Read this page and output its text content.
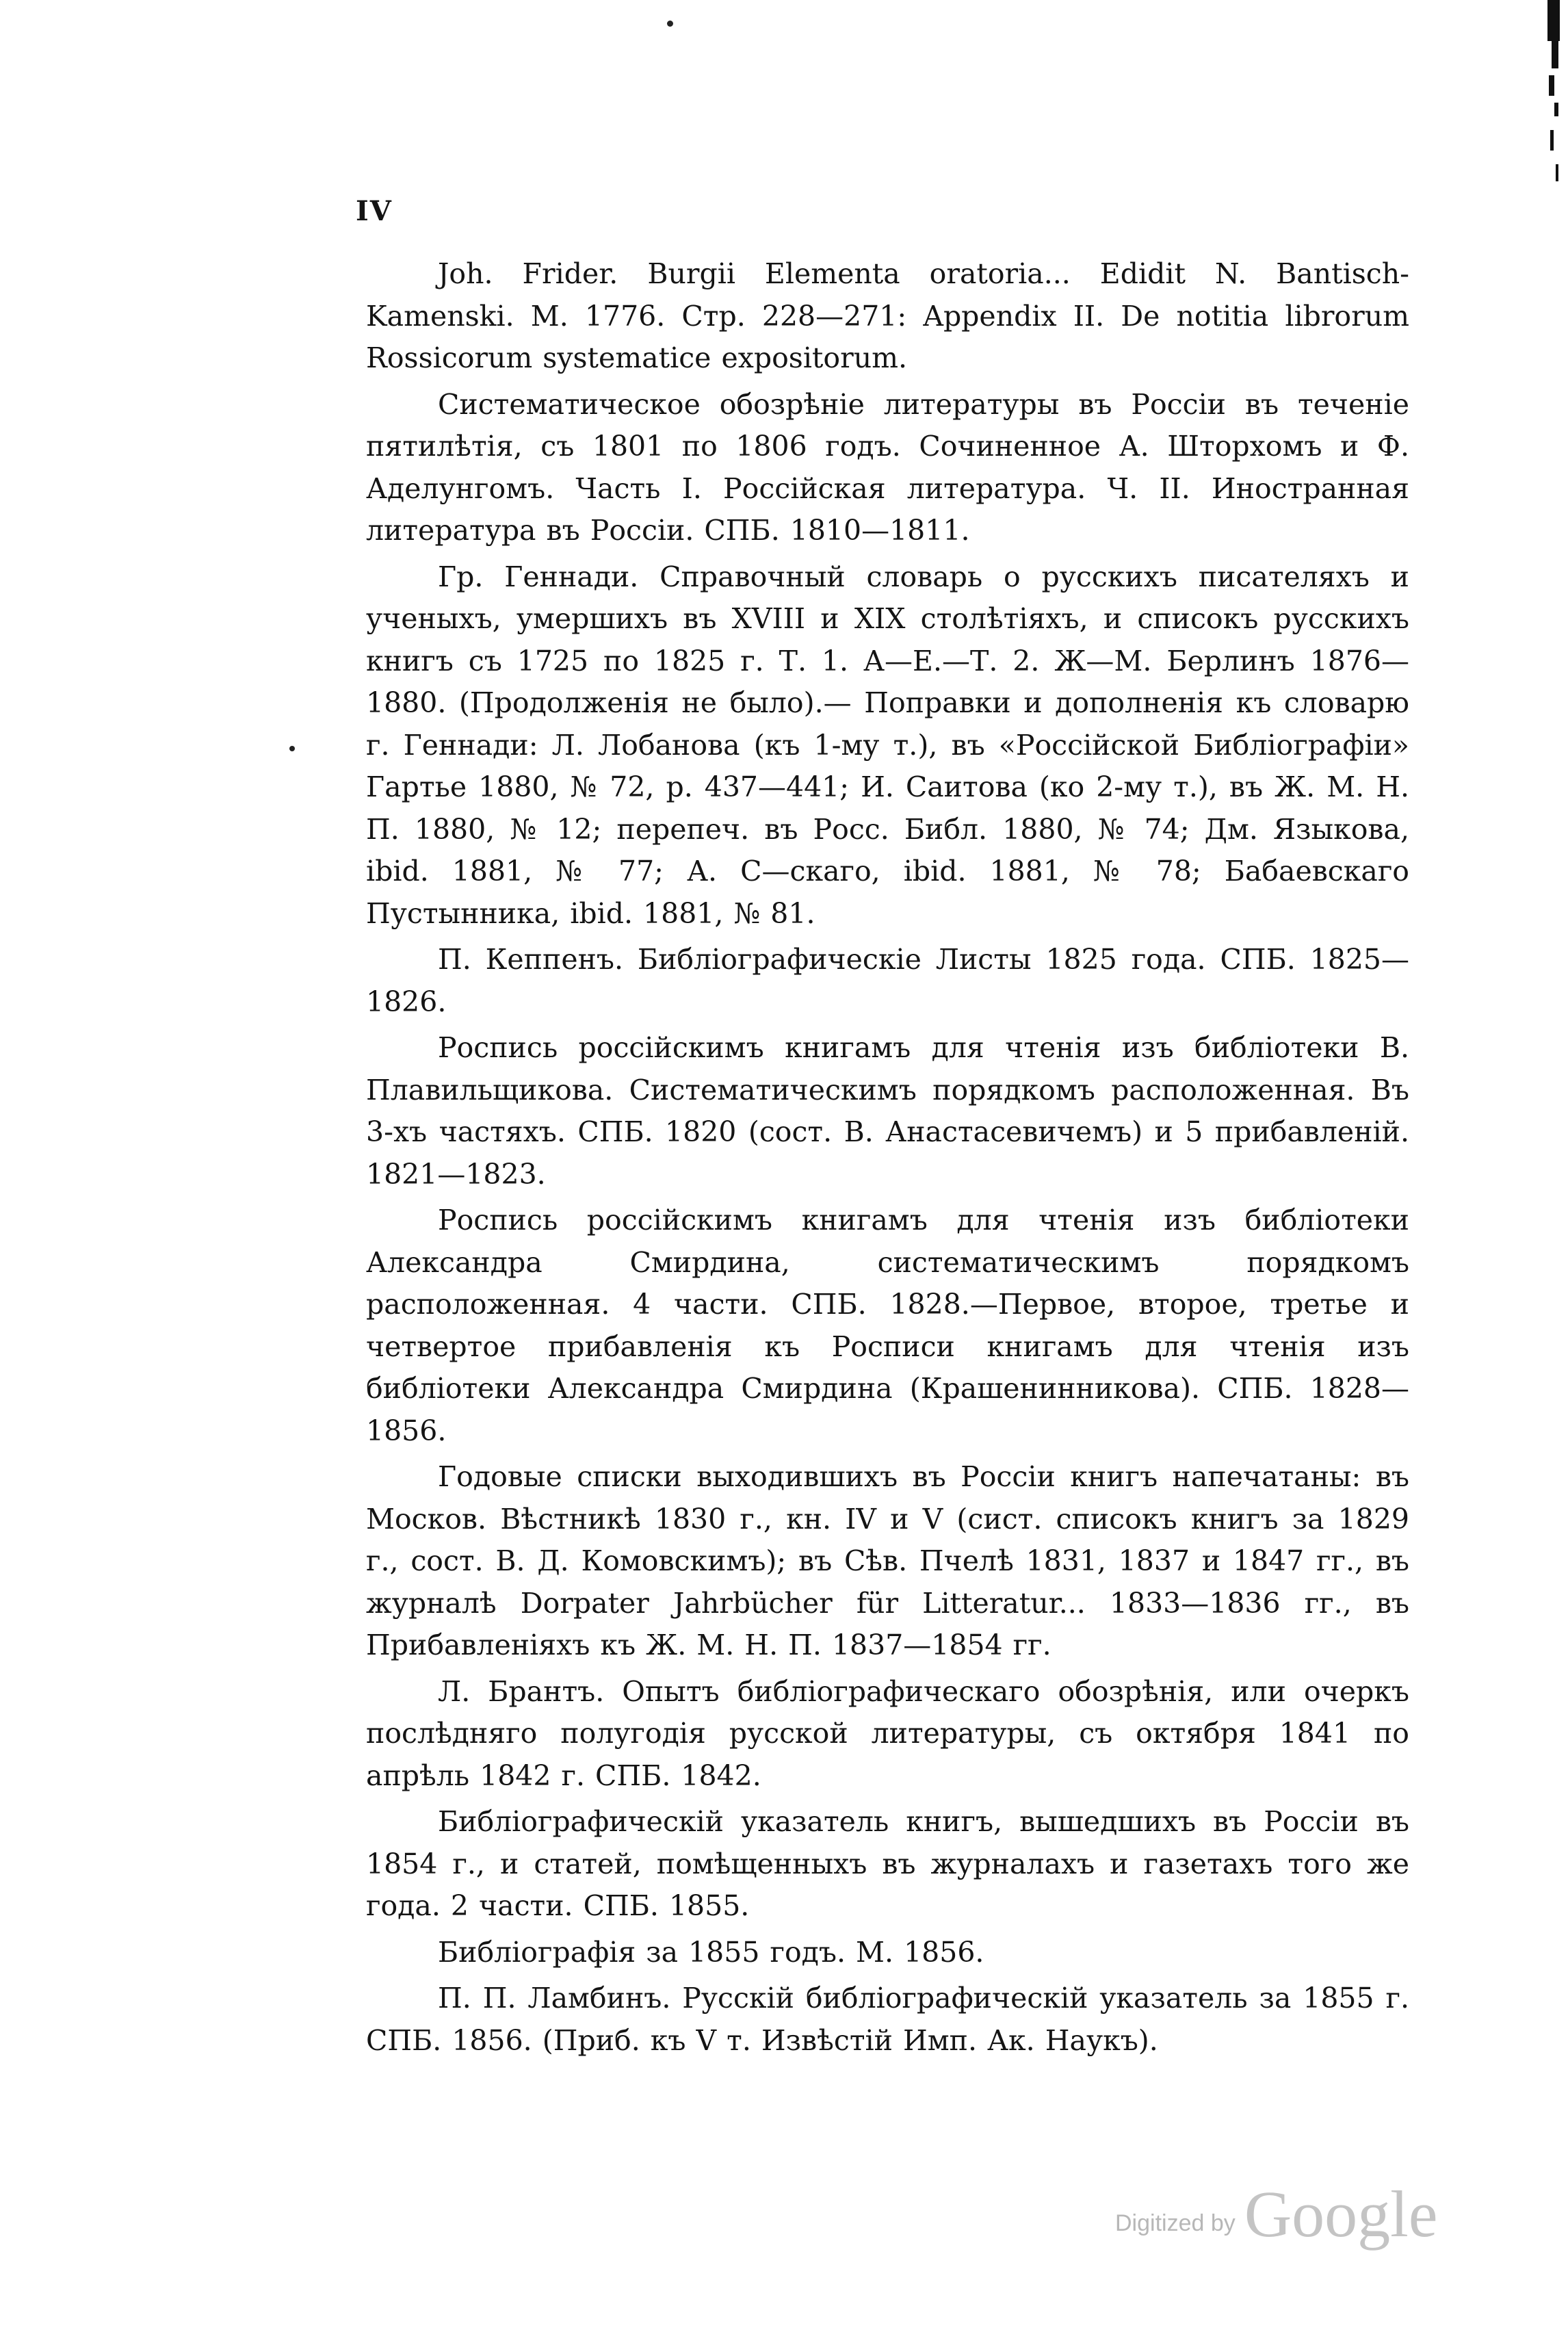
IV

Joh. Frider. Burgii Elementa oratoria... Edidit N. Bantisch-Kamenski. M. 1776. Стр. 228—271: Appendix II. De notitia librorum Rossicorum systematice expositorum.

Систематическое обозрѣніе литературы въ Россіи въ теченіе пятилѣтія, съ 1801 по 1806 годъ. Сочиненное А. Шторхомъ и Ф. Аделунгомъ. Часть I. Россійская литература. Ч. II. Иностранная литература въ Россіи. СПБ. 1810—1811.

Гр. Геннади. Справочный словарь о русскихъ писателяхъ и ученыхъ, умершихъ въ XVIII и XIX столѣтіяхъ, и списокъ русскихъ книгъ съ 1725 по 1825 г. Т. 1. А—Е.—Т. 2. Ж—М. Берлинъ 1876—1880. (Продолженія не было).— Поправки и дополненія къ словарю г. Геннади: Л. Лобанова (къ 1-му т.), въ «Россійской Библіографіи» Гартье 1880, № 72, р. 437—441; И. Саитова (ко 2-му т.), въ Ж. М. Н. П. 1880, № 12; перепеч. въ Росс. Библ. 1880, № 74; Дм. Языкова, ibid. 1881, № 77; А. С—скаго, ibid. 1881, № 78; Бабаевскаго Пустынника, ibid. 1881, № 81.

П. Кеппенъ. Библіографическіе Листы 1825 года. СПБ. 1825—1826.

Роспись россійскимъ книгамъ для чтенія изъ библіотеки В. Плавильщикова. Систематическимъ порядкомъ расположенная. Въ 3-хъ частяхъ. СПБ. 1820 (сост. В. Анастасевичемъ) и 5 прибавленій. 1821—1823.

Роспись россійскимъ книгамъ для чтенія изъ библіотеки Александра Смирдина, систематическимъ порядкомъ расположенная. 4 части. СПБ. 1828.—Первое, второе, третье и четвертое прибавленія къ Росписи книгамъ для чтенія изъ библіотеки Александра Смирдина (Крашенинникова). СПБ. 1828—1856.

Годовые списки выходившихъ въ Россіи книгъ напечатаны: въ Москов. Вѣстникѣ 1830 г., кн. IV и V (сист. списокъ книгъ за 1829 г., сост. В. Д. Комовскимъ); въ Сѣв. Пчелѣ 1831, 1837 и 1847 гг., въ журналѣ Dorpater Jahrbücher für Litteratur... 1833—1836 гг., въ Прибавленіяхъ къ Ж. М. Н. П. 1837—1854 гг.

Л. Брантъ. Опытъ библіографическаго обозрѣнія, или очеркъ послѣдняго полугодія русской литературы, съ октября 1841 по апрѣль 1842 г. СПБ. 1842.

Библіографическій указатель книгъ, вышедшихъ въ Россіи въ 1854 г., и статей, помѣщенныхъ въ журналахъ и газетахъ того же года. 2 части. СПБ. 1855.

Библіографія за 1855 годъ. М. 1856.

П. П. Ламбинъ. Русскій библіографическій указатель за 1855 г. СПБ. 1856. (Приб. къ V т. Извѣстій Имп. Ак. Наукъ).

Digitized by Google
